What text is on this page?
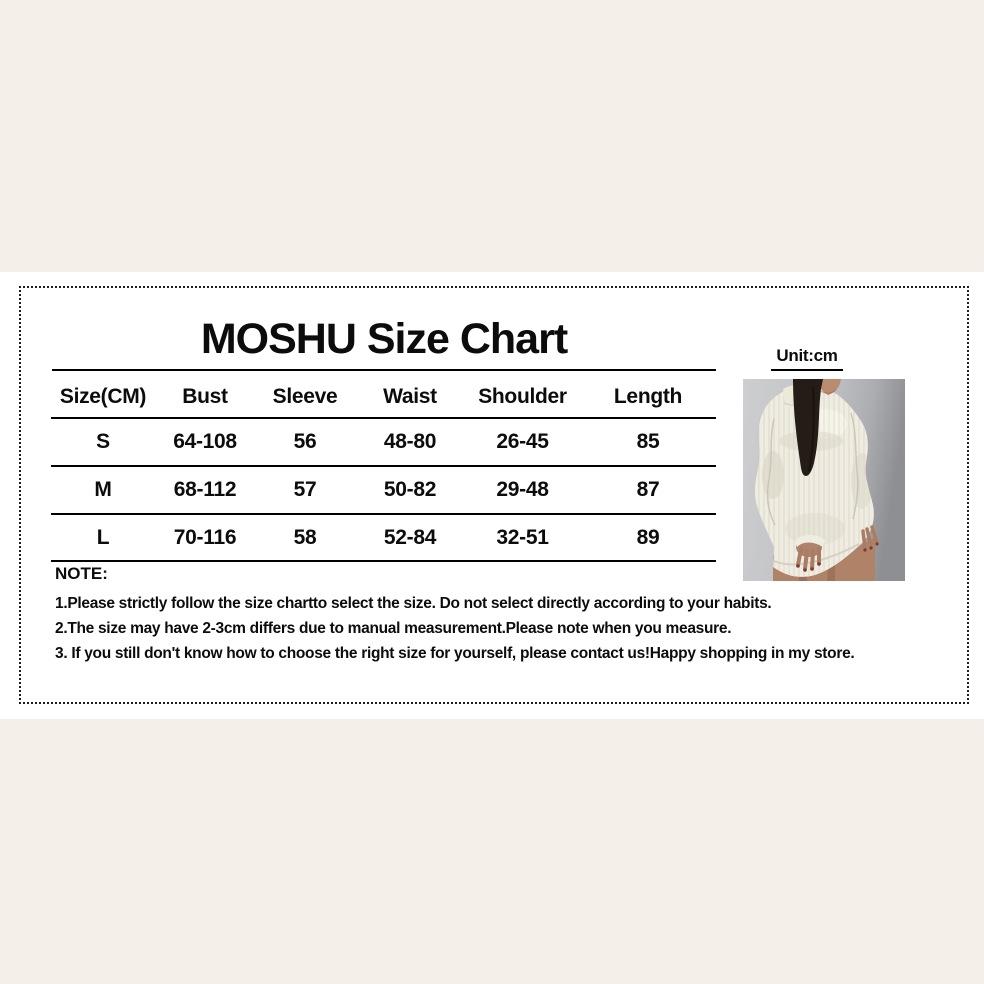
MOSHU Size Chart	Unit:cm
Size(CM)	Bust	Sleeve	Waist	Shoulder	Length
S	64-108	56	48-80	26-45	85
M	68-112	57	50-82	29-48	87
L	70-116	58	52-84	32-51	89
NOTE:

1.Please strictly follow the size chartto select the size. Do not select directly according to your habits.

2.The size may have 2-3cm differs due to manual measurement.Please note when you measure.

3. If you still don't know how to choose the right size for yourself, please contact us!Happy shopping in my store.
